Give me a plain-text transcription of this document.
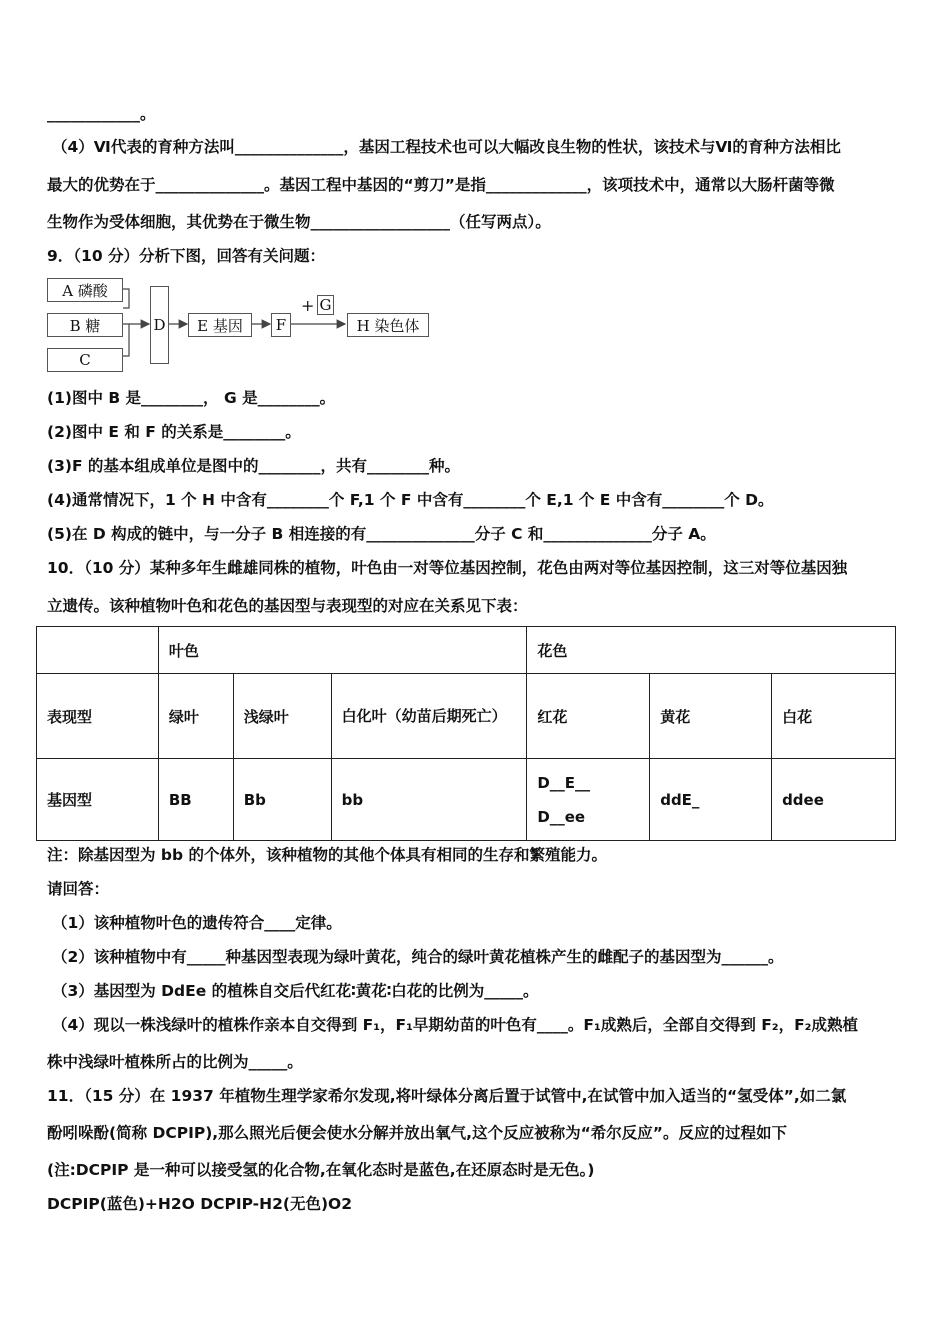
____________。
（4）Ⅵ代表的育种方法叫______________，基因工程技术也可以大幅改良生物的性状，该技术与Ⅵ的育种方法相比
最大的优势在于______________。基因工程中基因的“剪刀”是指_____________，该项技术中，通常以大肠杆菌等微
生物作为受体细胞，其优势在于微生物__________________（任写两点）。
9．（10 分）分析下图，回答有关问题：
A 磷酸
B 糖
C
D	E 基因	F
+ G
H 染色体
(1)图中 B 是________， G 是________。
(2)图中 E 和 F 的关系是________。
(3)F 的基本组成单位是图中的________，共有________种。
(4)通常情况下，1 个 H 中含有________个 F,1 个 F 中含有________个 E,1 个 E 中含有________个 D。
(5)在 D 构成的链中，与一分子 B 相连接的有______________分子 C 和______________分子 A。
10．（10 分）某种多年生雌雄同株的植物，叶色由一对等位基因控制，花色由两对等位基因控制，这三对等位基因独
立遗传。该种植物叶色和花色的基因型与表现型的对应在关系见下表：
	叶色			花色		
表现型	绿叶	浅绿叶	白化叶（幼苗后期死亡）	红花	黄花	白花
基因型	BB	Bb	bb	D__E__
D__ee	ddE_	ddee
注：除基因型为 bb 的个体外，该种植物的其他个体具有相同的生存和繁殖能力。
请回答：
（1）该种植物叶色的遗传符合____定律。
（2）该种植物中有_____种基因型表现为绿叶黄花，纯合的绿叶黄花植株产生的雌配子的基因型为______。
（3）基因型为 DdEe 的植株自交后代红花∶黄花∶白花的比例为_____。
（4）现以一株浅绿叶的植株作亲本自交得到 F₁，F₁早期幼苗的叶色有____。F₁成熟后，全部自交得到 F₂，F₂成熟植
株中浅绿叶植株所占的比例为_____。
11．（15 分）在 1937 年植物生理学家希尔发现,将叶绿体分离后置于试管中,在试管中加入适当的“氢受体”,如二氯
酚吲哚酚(简称 DCPIP),那么照光后便会使水分解并放出氧气,这个反应被称为“希尔反应”。反应的过程如下
(注:DCPIP 是一种可以接受氢的化合物,在氧化态时是蓝色,在还原态时是无色。)
DCPIP(蓝色)+H2O DCPIP-H2(无色)O2
